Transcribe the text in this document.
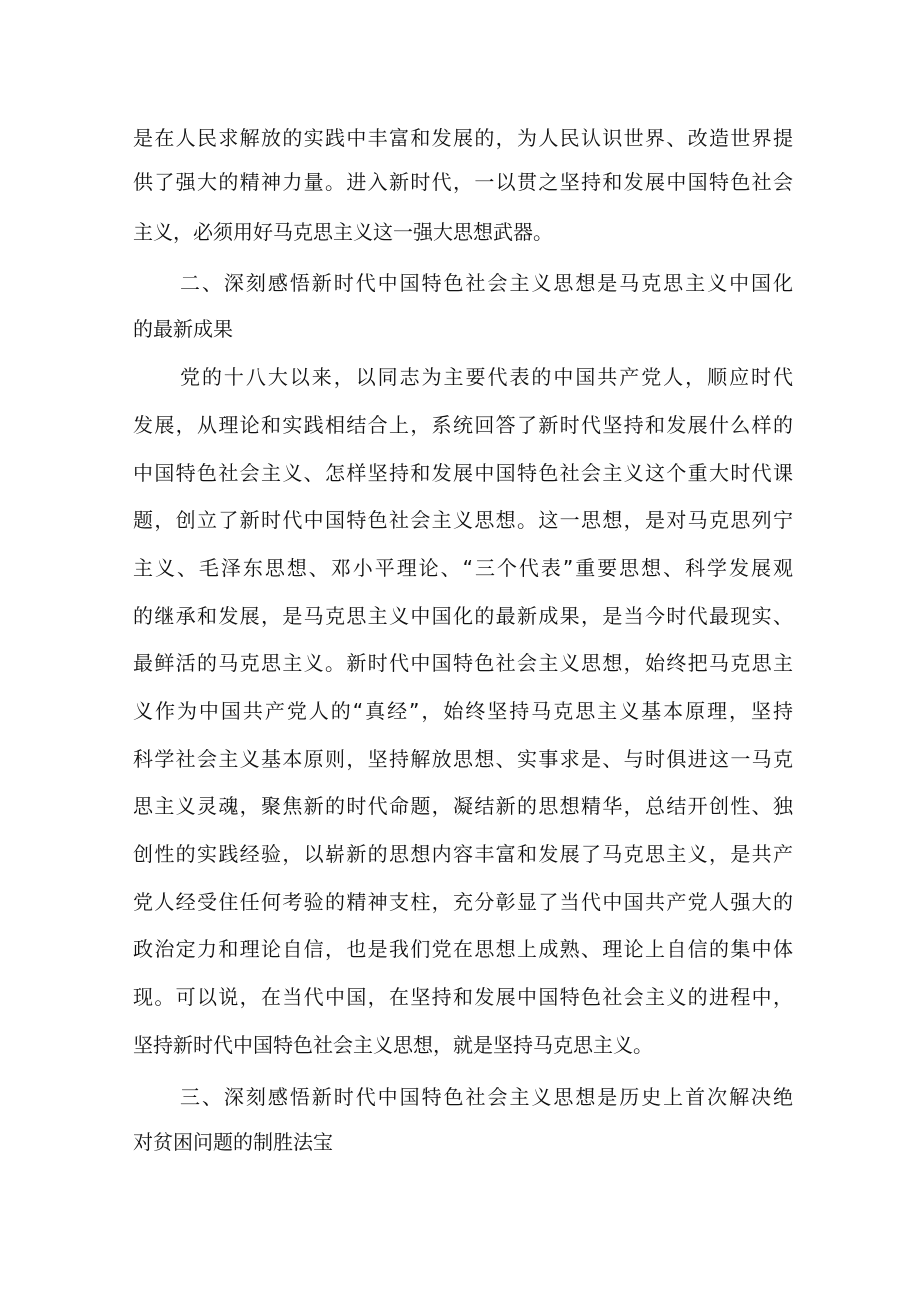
是在人民求解放的实践中丰富和发展的，为人民认识世界、改造世界提
供了强大的精神力量。进入新时代，一以贯之坚持和发展中国特色社会
主义，必须用好马克思主义这一强大思想武器。
二、深刻感悟新时代中国特色社会主义思想是马克思主义中国化
的最新成果
党的十八大以来，以同志为主要代表的中国共产党人，顺应时代
发展，从理论和实践相结合上，系统回答了新时代坚持和发展什么样的
中国特色社会主义、怎样坚持和发展中国特色社会主义这个重大时代课
题，创立了新时代中国特色社会主义思想。这一思想，是对马克思列宁
主义、毛泽东思想、邓小平理论、“三个代表”重要思想、科学发展观
的继承和发展，是马克思主义中国化的最新成果，是当今时代最现实、
最鲜活的马克思主义。新时代中国特色社会主义思想，始终把马克思主
义作为中国共产党人的“真经”，始终坚持马克思主义基本原理，坚持
科学社会主义基本原则，坚持解放思想、实事求是、与时俱进这一马克
思主义灵魂，聚焦新的时代命题，凝结新的思想精华，总结开创性、独
创性的实践经验，以崭新的思想内容丰富和发展了马克思主义，是共产
党人经受住任何考验的精神支柱，充分彰显了当代中国共产党人强大的
政治定力和理论自信，也是我们党在思想上成熟、理论上自信的集中体
现。可以说，在当代中国，在坚持和发展中国特色社会主义的进程中，
坚持新时代中国特色社会主义思想，就是坚持马克思主义。
三、深刻感悟新时代中国特色社会主义思想是历史上首次解决绝
对贫困问题的制胜法宝
